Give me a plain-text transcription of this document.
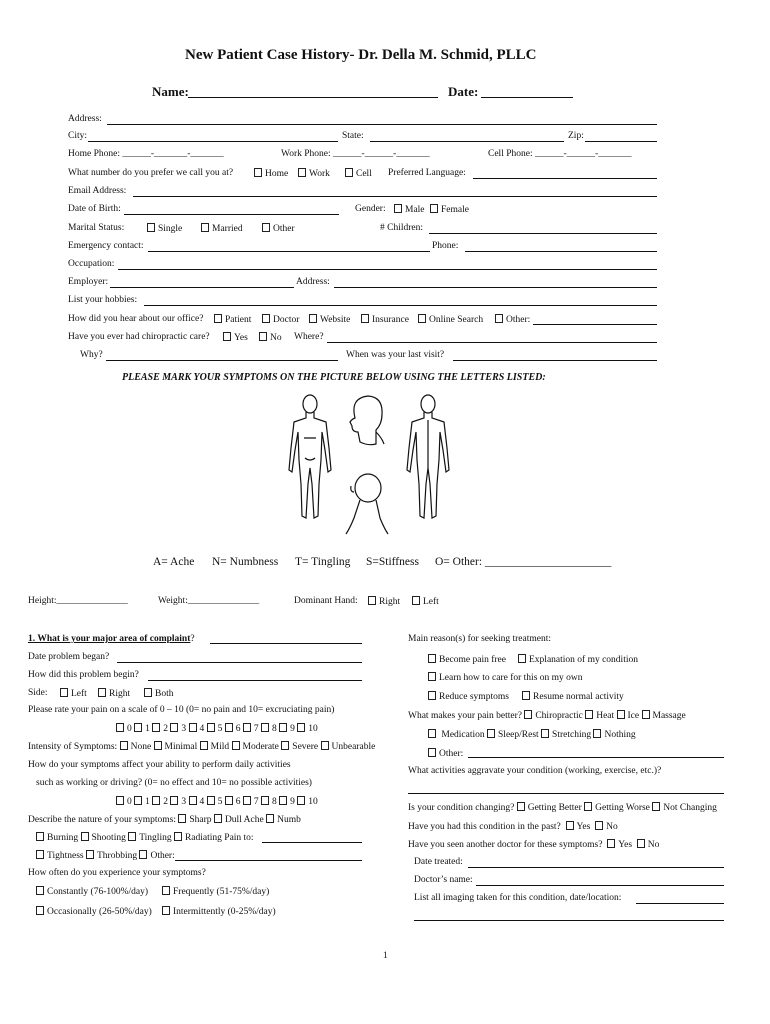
New Patient Case History- Dr. Della M. Schmid, PLLC
Name:	Date:
Address:
City:	State:	Zip:
Home Phone: ______-_______-_______	Work Phone: ______-______-_______	Cell Phone: ______-______-_______
What number do you prefer we call you at?	Home	Work	Cell Preferred Language:
Email Address:
Date of Birth:	Gender:	Male	Female
Marital Status:	Single	Married	Other	# Children:
Emergency contact:	Phone:
Occupation:
Employer:	Address:
List your hobbies:
How did you hear about our office?	Patient	Doctor	Website	Insurance	Online Search	Other:
Have you ever had chiropractic care?	Yes	No Where?
Why?	When was your last visit?
PLEASE MARK YOUR SYMPTOMS ON THE PICTURE BELOW USING THE LETTERS LISTED:
A= Ache N= Numbness T= Tingling S=Stiffness O= Other: ______________________
Height:_______________	Weight:_______________	Dominant Hand:	Right	Left
1. What is your major area of complaint?
Date problem began?
How did this problem begin?
Side:	Left	Right	Both
Please rate your pain on a scale of 0 – 10 (0= no pain and 10= excruciating pain)
0 1 2 3 4 5 6 7 8 9 10
Intensity of Symptoms: None Minimal Mild Moderate Severe Unbearable
How do your symptoms affect your ability to perform daily activities
such as working or driving? (0= no effect and 10= no possible activities)
0 1 2 3 4 5 6 7 8 9 10
Describe the nature of your symptoms: Sharp Dull Ache Numb
Burning Shooting Tingling Radiating Pain to:
Tightness Throbbing Other:
How often do you experience your symptoms?
Constantly (76-100%/day)	Frequently (51-75%/day)
Occasionally (26-50%/day)	Intermittently (0-25%/day)
Main reason(s) for seeking treatment:
Become pain free	Explanation of my condition
Learn how to care for this on my own
Reduce symptoms	Resume normal activity
What makes your pain better? Chiropractic Heat Ice Massage
Medication Sleep/Rest Stretching Nothing
Other:
What activities aggravate your condition (working, exercise, etc.)?
Is your condition changing? Getting Better Getting Worse Not Changing
Have you had this condition in the past? Yes No
Have you seen another doctor for these symptoms? Yes No
Date treated:
Doctor’s name:
List all imaging taken for this condition, date/location:
1
